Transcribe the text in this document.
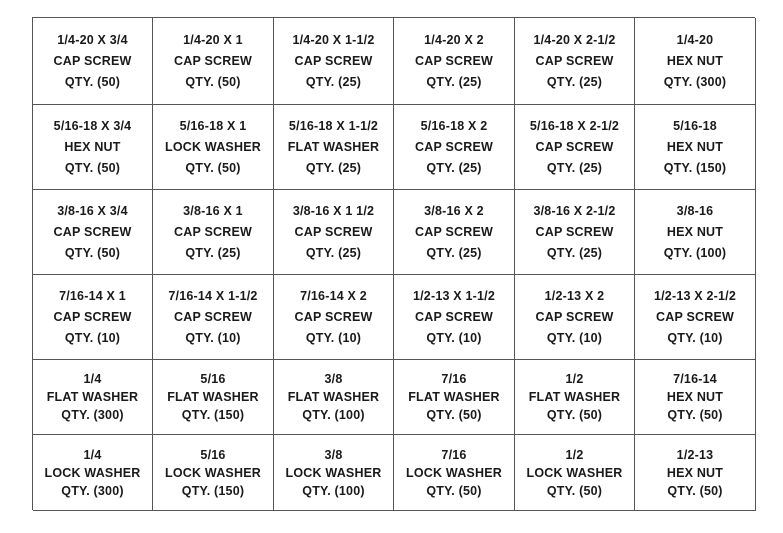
1/4-20 X 3/4
CAP SCREW
QTY. (50)
1/4-20 X 1
CAP SCREW
QTY. (50)
1/4-20 X 1-1/2
CAP SCREW
QTY. (25)
1/4-20 X 2
CAP SCREW
QTY. (25)
1/4-20 X 2-1/2
CAP SCREW
QTY. (25)
1/4-20
HEX NUT
QTY. (300)
5/16-18 X 3/4
HEX NUT
QTY. (50)
5/16-18 X 1
LOCK WASHER
QTY. (50)
5/16-18 X 1-1/2
FLAT WASHER
QTY. (25)
5/16-18 X 2
CAP SCREW
QTY. (25)
5/16-18 X 2-1/2
CAP SCREW
QTY. (25)
5/16-18
HEX NUT
QTY. (150)
3/8-16 X 3/4
CAP SCREW
QTY. (50)
3/8-16 X 1
CAP SCREW
QTY. (25)
3/8-16 X 1 1/2
CAP SCREW
QTY. (25)
3/8-16 X 2
CAP SCREW
QTY. (25)
3/8-16 X 2-1/2
CAP SCREW
QTY. (25)
3/8-16
HEX NUT
QTY. (100)
7/16-14 X 1
CAP SCREW
QTY. (10)
7/16-14 X 1-1/2
CAP SCREW
QTY. (10)
7/16-14 X 2
CAP SCREW
QTY. (10)
1/2-13 X 1-1/2
CAP SCREW
QTY. (10)
1/2-13 X 2
CAP SCREW
QTY. (10)
1/2-13 X 2-1/2
CAP SCREW
QTY. (10)
1/4
FLAT WASHER
QTY. (300)
5/16
FLAT WASHER
QTY. (150)
3/8
FLAT WASHER
QTY. (100)
7/16
FLAT WASHER
QTY. (50)
1/2
FLAT WASHER
QTY. (50)
7/16-14
HEX NUT
QTY. (50)
1/4
LOCK WASHER
QTY. (300)
5/16
LOCK WASHER
QTY. (150)
3/8
LOCK WASHER
QTY. (100)
7/16
LOCK WASHER
QTY. (50)
1/2
LOCK WASHER
QTY. (50)
1/2-13
HEX NUT
QTY. (50)
